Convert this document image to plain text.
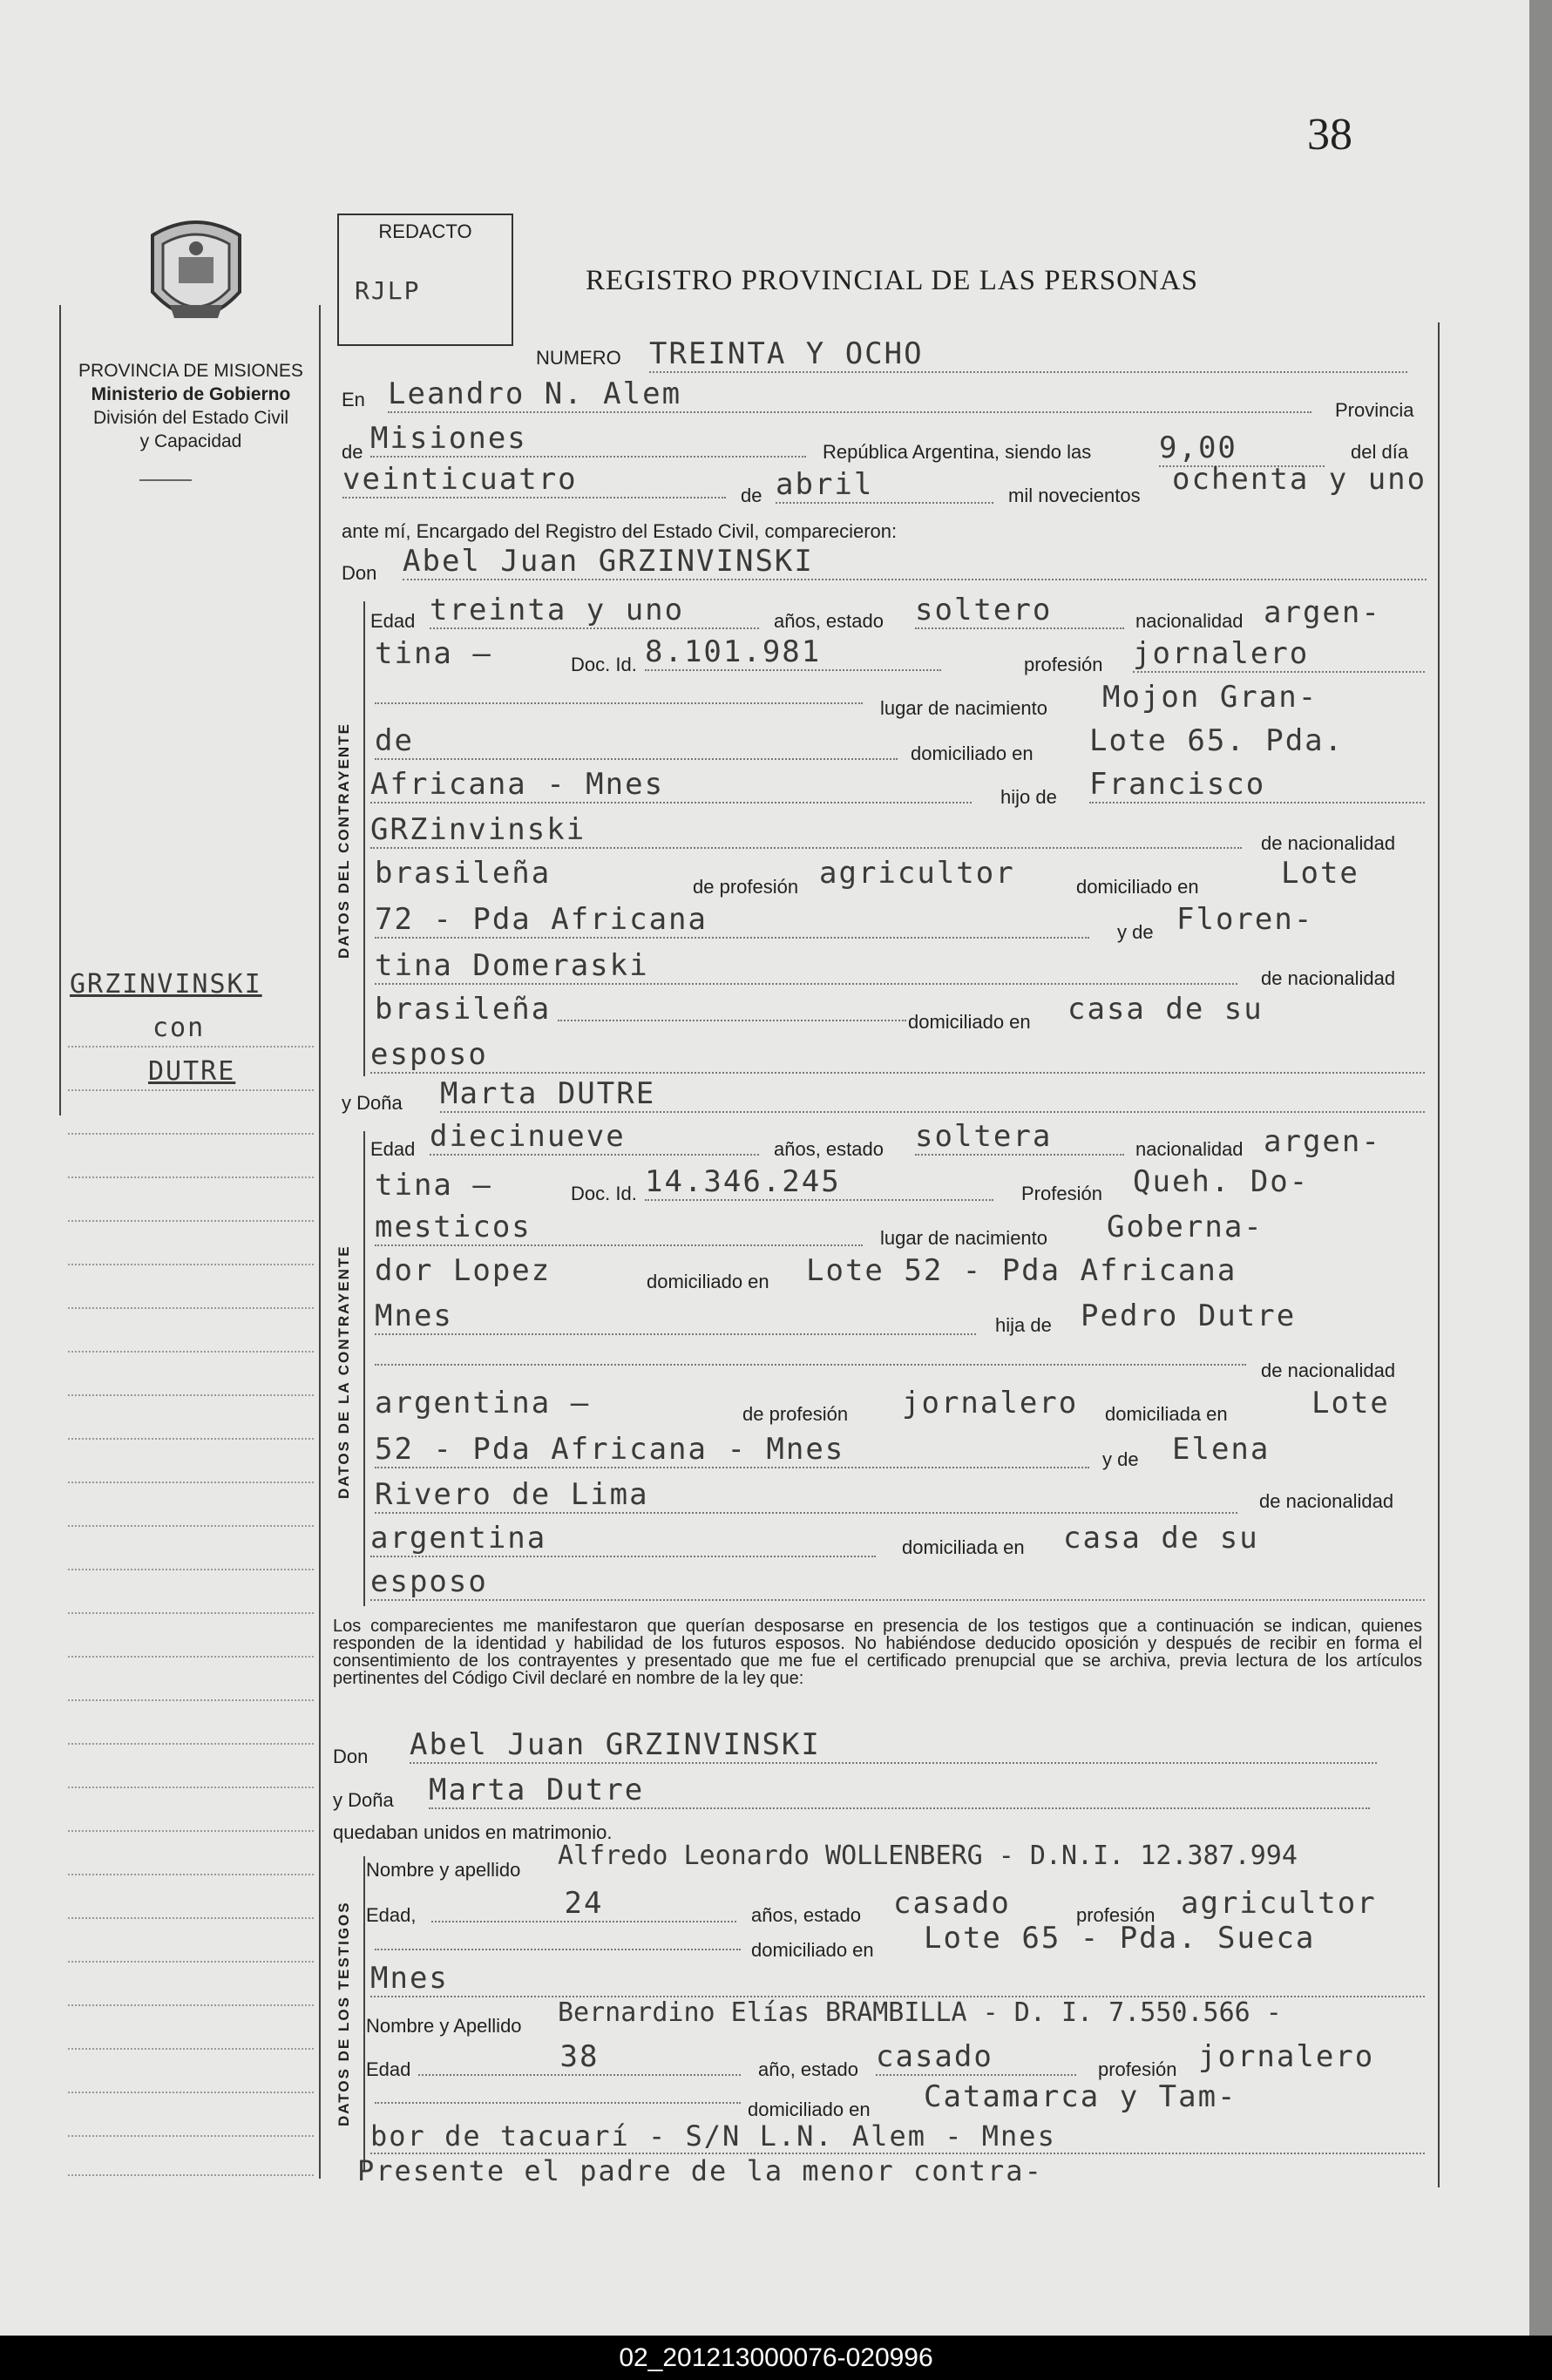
38
PROVINCIA DE MISIONES
Ministerio de Gobierno
División del Estado Civil
y Capacidad
GRZINVINSKI
con
DUTRE
REDACTO
RJLP	REGISTRO PROVINCIAL DE LAS PERSONAS
NUMERO TREINTA Y OCHO
En Leandro N. Alem	Provincia
de Misiones	República Argentina, siendo las 9,00	del día
veinticuatro	de abril	mil novecientos ochenta y uno
ante mí, Encargado del Registro del Estado Civil, comparecieron:
Don Abel Juan GRZINVINSKI
DATOS DEL CONTRAYENTE
Edad treinta y uno	años, estado soltero	nacionalidad argen-
tina —	Doc. Id. 8.101.981	profesión jornalero
lugar de nacimiento Mojon Gran-
de	domiciliado en Lote 65. Pda.
Africana - Mnes	hijo de Francisco
GRZinvinski	de nacionalidad
brasileña	de profesión agricultor	domiciliado en	Lote
72 - Pda Africana	y de Floren-
tina Domeraski	de nacionalidad
brasileña	domiciliado en casa de su
esposo
y Doña Marta DUTRE
DATOS DE LA CONTRAYENTE
Edad diecinueve	años, estado soltera	nacionalidad argen-
tina —	Doc. Id. 14.346.245	Profesión Queh. Do-
mesticos	lugar de nacimiento Goberna-
dor Lopez	domiciliado en Lote 52 - Pda Africana
Mnes	hija de Pedro Dutre
de nacionalidad
argentina —	de profesión jornalero domiciliada en	Lote
52 - Pda Africana - Mnes	y de Elena
Rivero de Lima	de nacionalidad
argentina	domiciliada en casa de su
esposo
Los comparecientes me manifestaron que querían desposarse en presencia de los testigos que a continuación se indican, quienes responden de la identidad y habilidad de los futuros esposos. No habiéndose deducido oposición y después de recibir en forma el consentimiento de los contrayentes y presentado que me fue el certificado prenupcial que se archiva, previa lectura de los artículos pertinentes del Código Civil declaré en nombre de la ley que:
Don Abel Juan GRZINVINSKI
y Doña Marta Dutre
quedaban unidos en matrimonio.
DATOS DE LOS TESTIGOS
Nombre y apellido Alfredo Leonardo WOLLENBERG - D.N.I. 12.387.994
Edad,	24	años, estado casado	profesión agricultor
domiciliado en Lote 65 - Pda. Sueca
Mnes
Nombre y Apellido Bernardino Elías BRAMBILLA - D. I. 7.550.566 -
Edad	38	año, estado casado	profesión jornalero
domiciliado en Catamarca y Tam-
bor de tacuarí - S/N L.N. Alem - Mnes
Presente el padre de la menor contra-
02_201213000076-020996
